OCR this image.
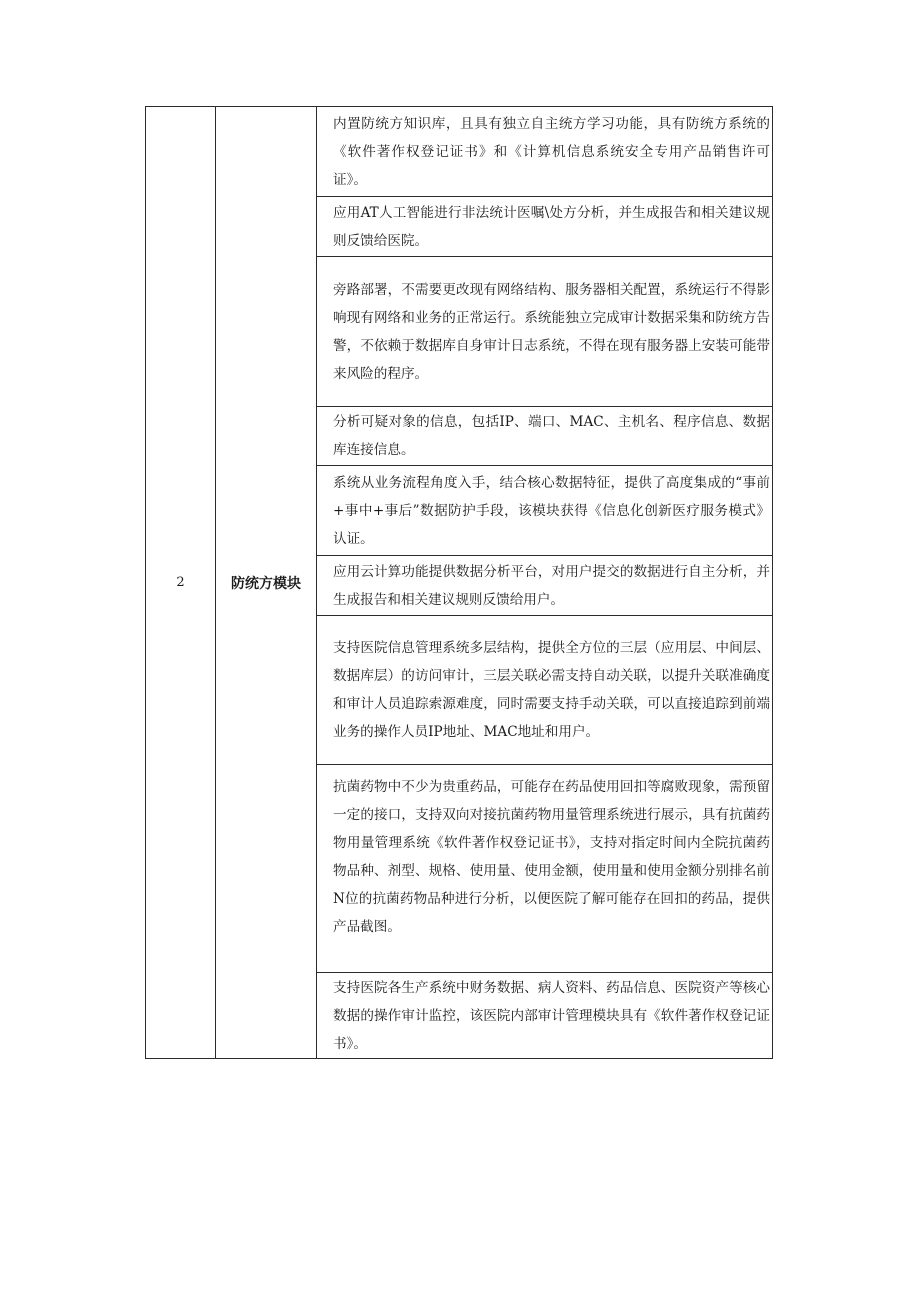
2	防统方模块	
内置防统方知识库，且具有独立自主统方学习功能，具有防统方系统的《软件著作权登记证书》和《计算机信息系统安全专用产品销售许可证》。

应用AT人工智能进行非法统计医嘱\处方分析，并生成报告和相关建议规则反馈给医院。

旁路部署，不需要更改现有网络结构、服务器相关配置，系统运行不得影响现有网络和业务的正常运行。系统能独立完成审计数据采集和防统方告警，不依赖于数据库自身审计日志系统，不得在现有服务器上安装可能带来风险的程序。

分析可疑对象的信息，包括IP、端口、MAC、主机名、程序信息、数据库连接信息。

系统从业务流程角度入手，结合核心数据特征，提供了高度集成的“事前+事中+事后”数据防护手段，该模块获得《信息化创新医疗服务模式》认证。

应用云计算功能提供数据分析平台，对用户提交的数据进行自主分析，并生成报告和相关建议规则反馈给用户。

支持医院信息管理系统多层结构，提供全方位的三层（应用层、中间层、数据库层）的访问审计，三层关联必需支持自动关联，以提升关联准确度和审计人员追踪索源难度，同时需要支持手动关联，可以直接追踪到前端业务的操作人员IP地址、MAC地址和用户。

抗菌药物中不少为贵重药品，可能存在药品使用回扣等腐败现象，需预留一定的接口，支持双向对接抗菌药物用量管理系统进行展示，具有抗菌药物用量管理系统《软件著作权登记证书》，支持对指定时间内全院抗菌药物品种、剂型、规格、使用量、使用金额，使用量和使用金额分别排名前N位的抗菌药物品种进行分析，以便医院了解可能存在回扣的药品，提供产品截图。

支持医院各生产系统中财务数据、病人资料、药品信息、医院资产等核心数据的操作审计监控，该医院内部审计管理模块具有《软件著作权登记证书》。
